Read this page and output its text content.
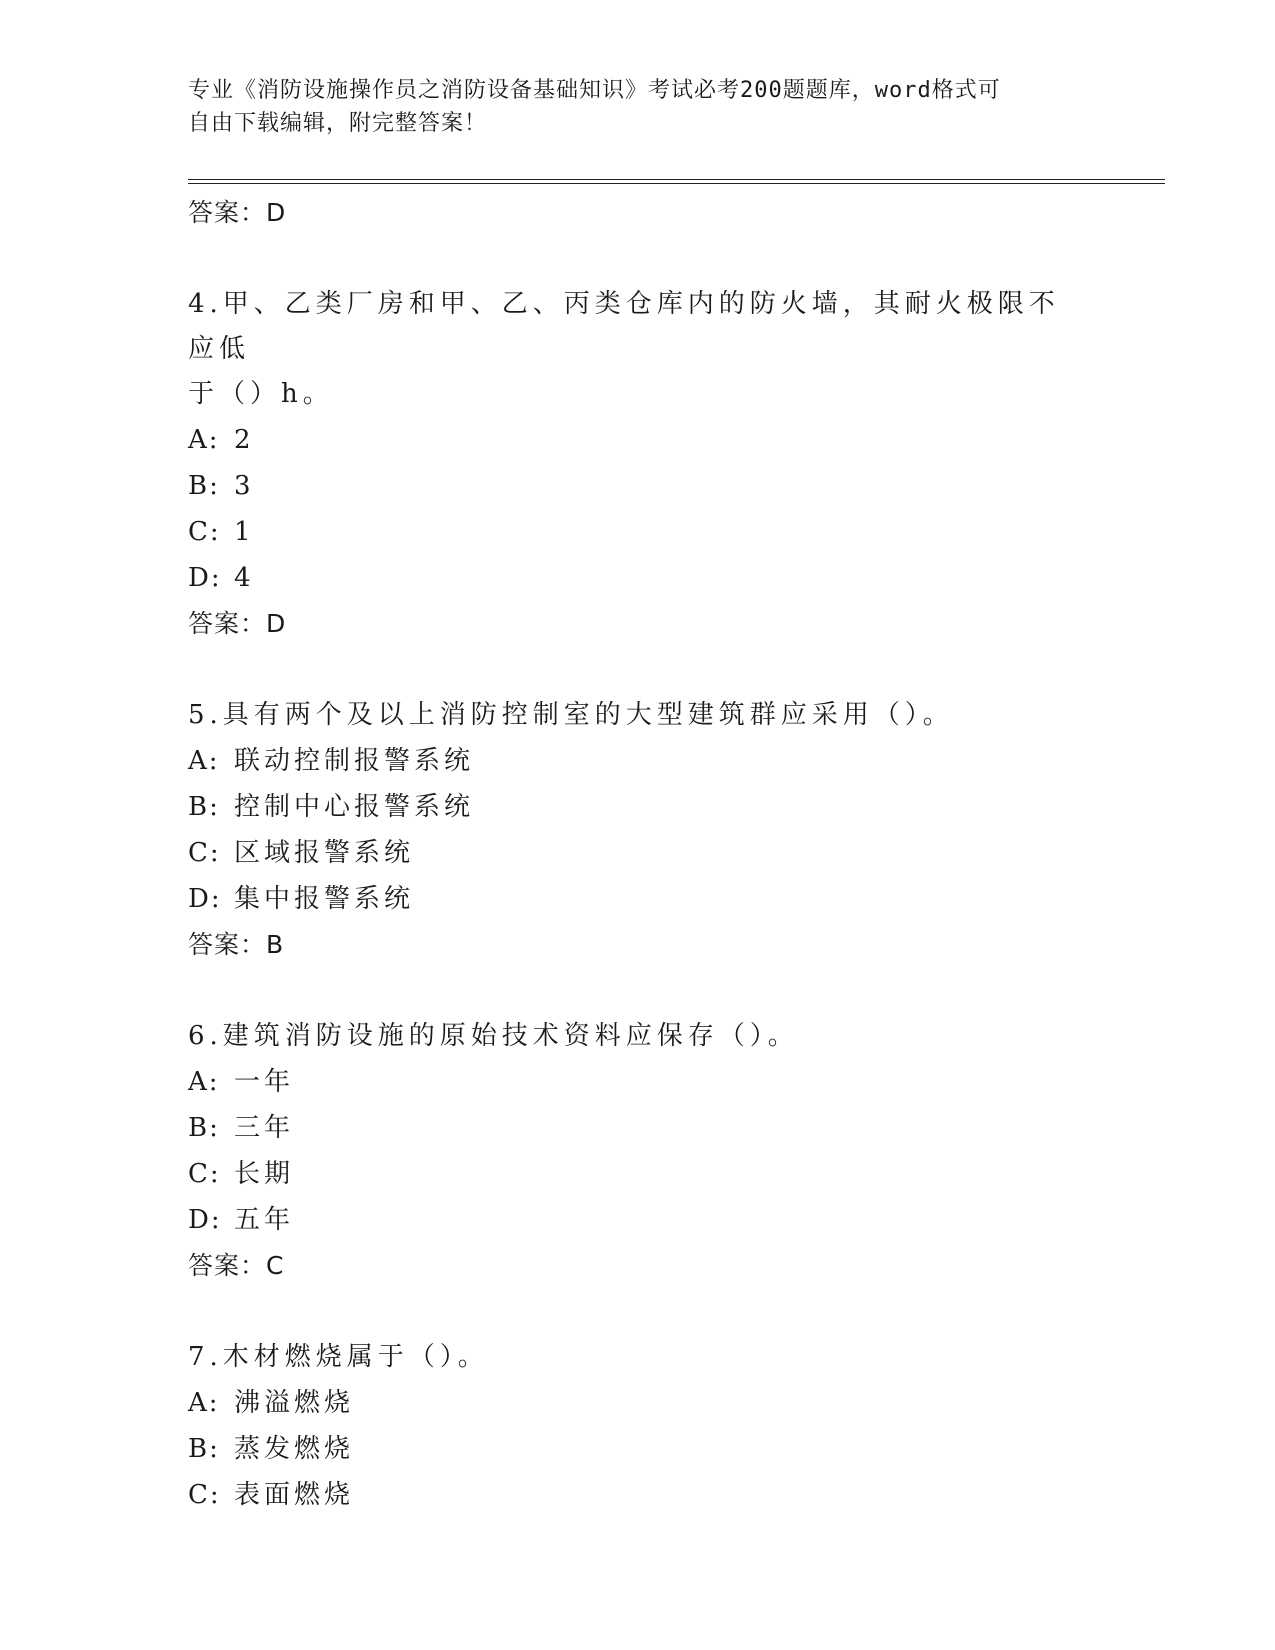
专业《消防设施操作员之消防设备基础知识》考试必考200题题库，word格式可
自由下载编辑，附完整答案！
答案：D
4.甲、乙类厂房和甲、乙、丙类仓库内的防火墙，其耐火极限不应低
于（）h。
A: 2
B: 3
C: 1
D: 4
答案：D
5.具有两个及以上消防控制室的大型建筑群应采用（）。
A: 联动控制报警系统
B: 控制中心报警系统
C: 区域报警系统
D: 集中报警系统
答案：B
6.建筑消防设施的原始技术资料应保存（）。
A: 一年
B: 三年
C: 长期
D: 五年
答案：C
7.木材燃烧属于（）。
A: 沸溢燃烧
B: 蒸发燃烧
C: 表面燃烧
